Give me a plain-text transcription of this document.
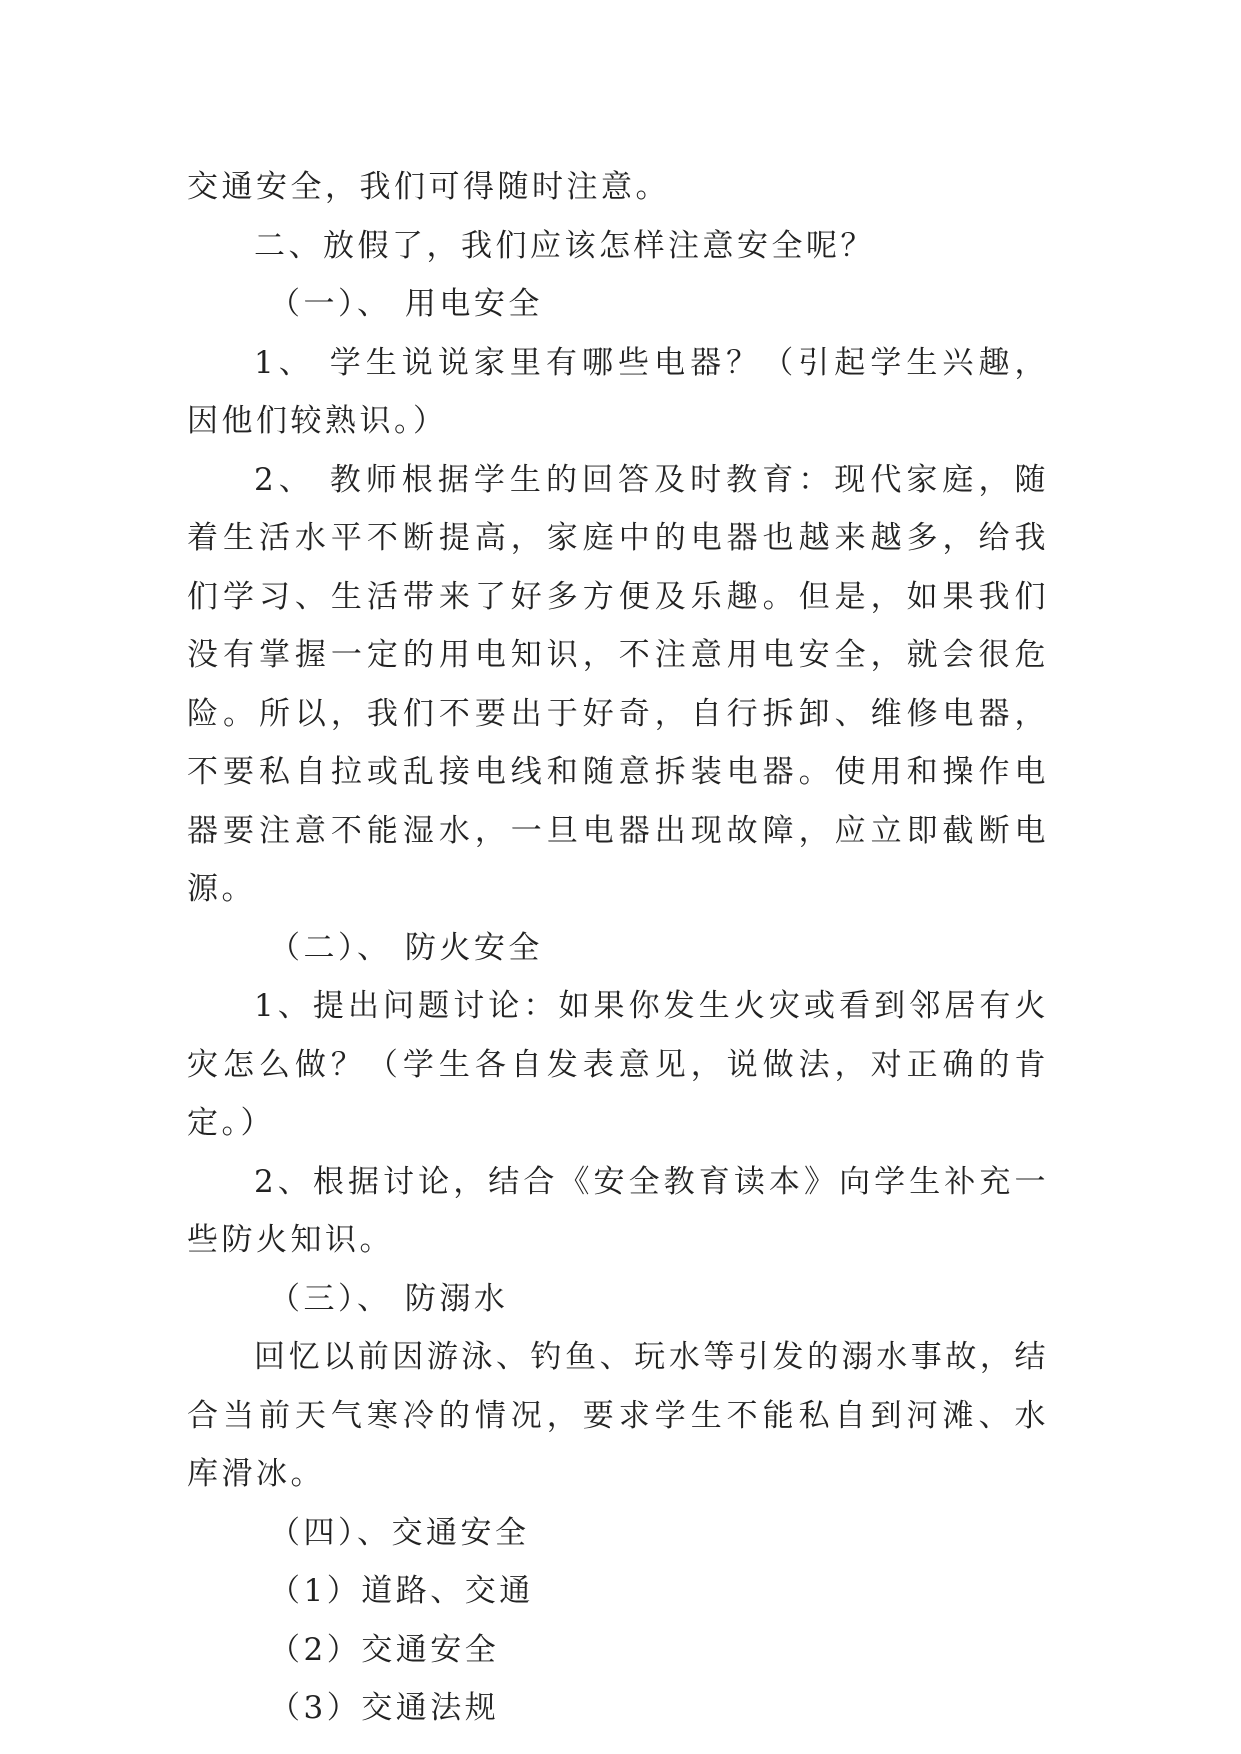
交通安全，我们可得随时注意。

二、放假了，我们应该怎样注意安全呢？

（一）、 用电安全

1、 学生说说家里有哪些电器？（引起学生兴趣，因他们较熟识。）

2、 教师根据学生的回答及时教育：现代家庭，随着生活水平不断提高，家庭中的电器也越来越多，给我们学习、生活带来了好多方便及乐趣。但是，如果我们没有掌握一定的用电知识，不注意用电安全，就会很危险。所以，我们不要出于好奇，自行拆卸、维修电器，不要私自拉或乱接电线和随意拆装电器。使用和操作电器要注意不能湿水，一旦电器出现故障，应立即截断电源。

（二）、 防火安全

1、提出问题讨论：如果你发生火灾或看到邻居有火灾怎么做？（学生各自发表意见，说做法，对正确的肯定。）

2、根据讨论，结合《安全教育读本》向学生补充一些防火知识。

（三）、 防溺水

回忆以前因游泳、钓鱼、玩水等引发的溺水事故，结合当前天气寒冷的情况，要求学生不能私自到河滩、水库滑冰。

（四）、交通安全

（1）道路、交通

（2）交通安全

（3）交通法规
